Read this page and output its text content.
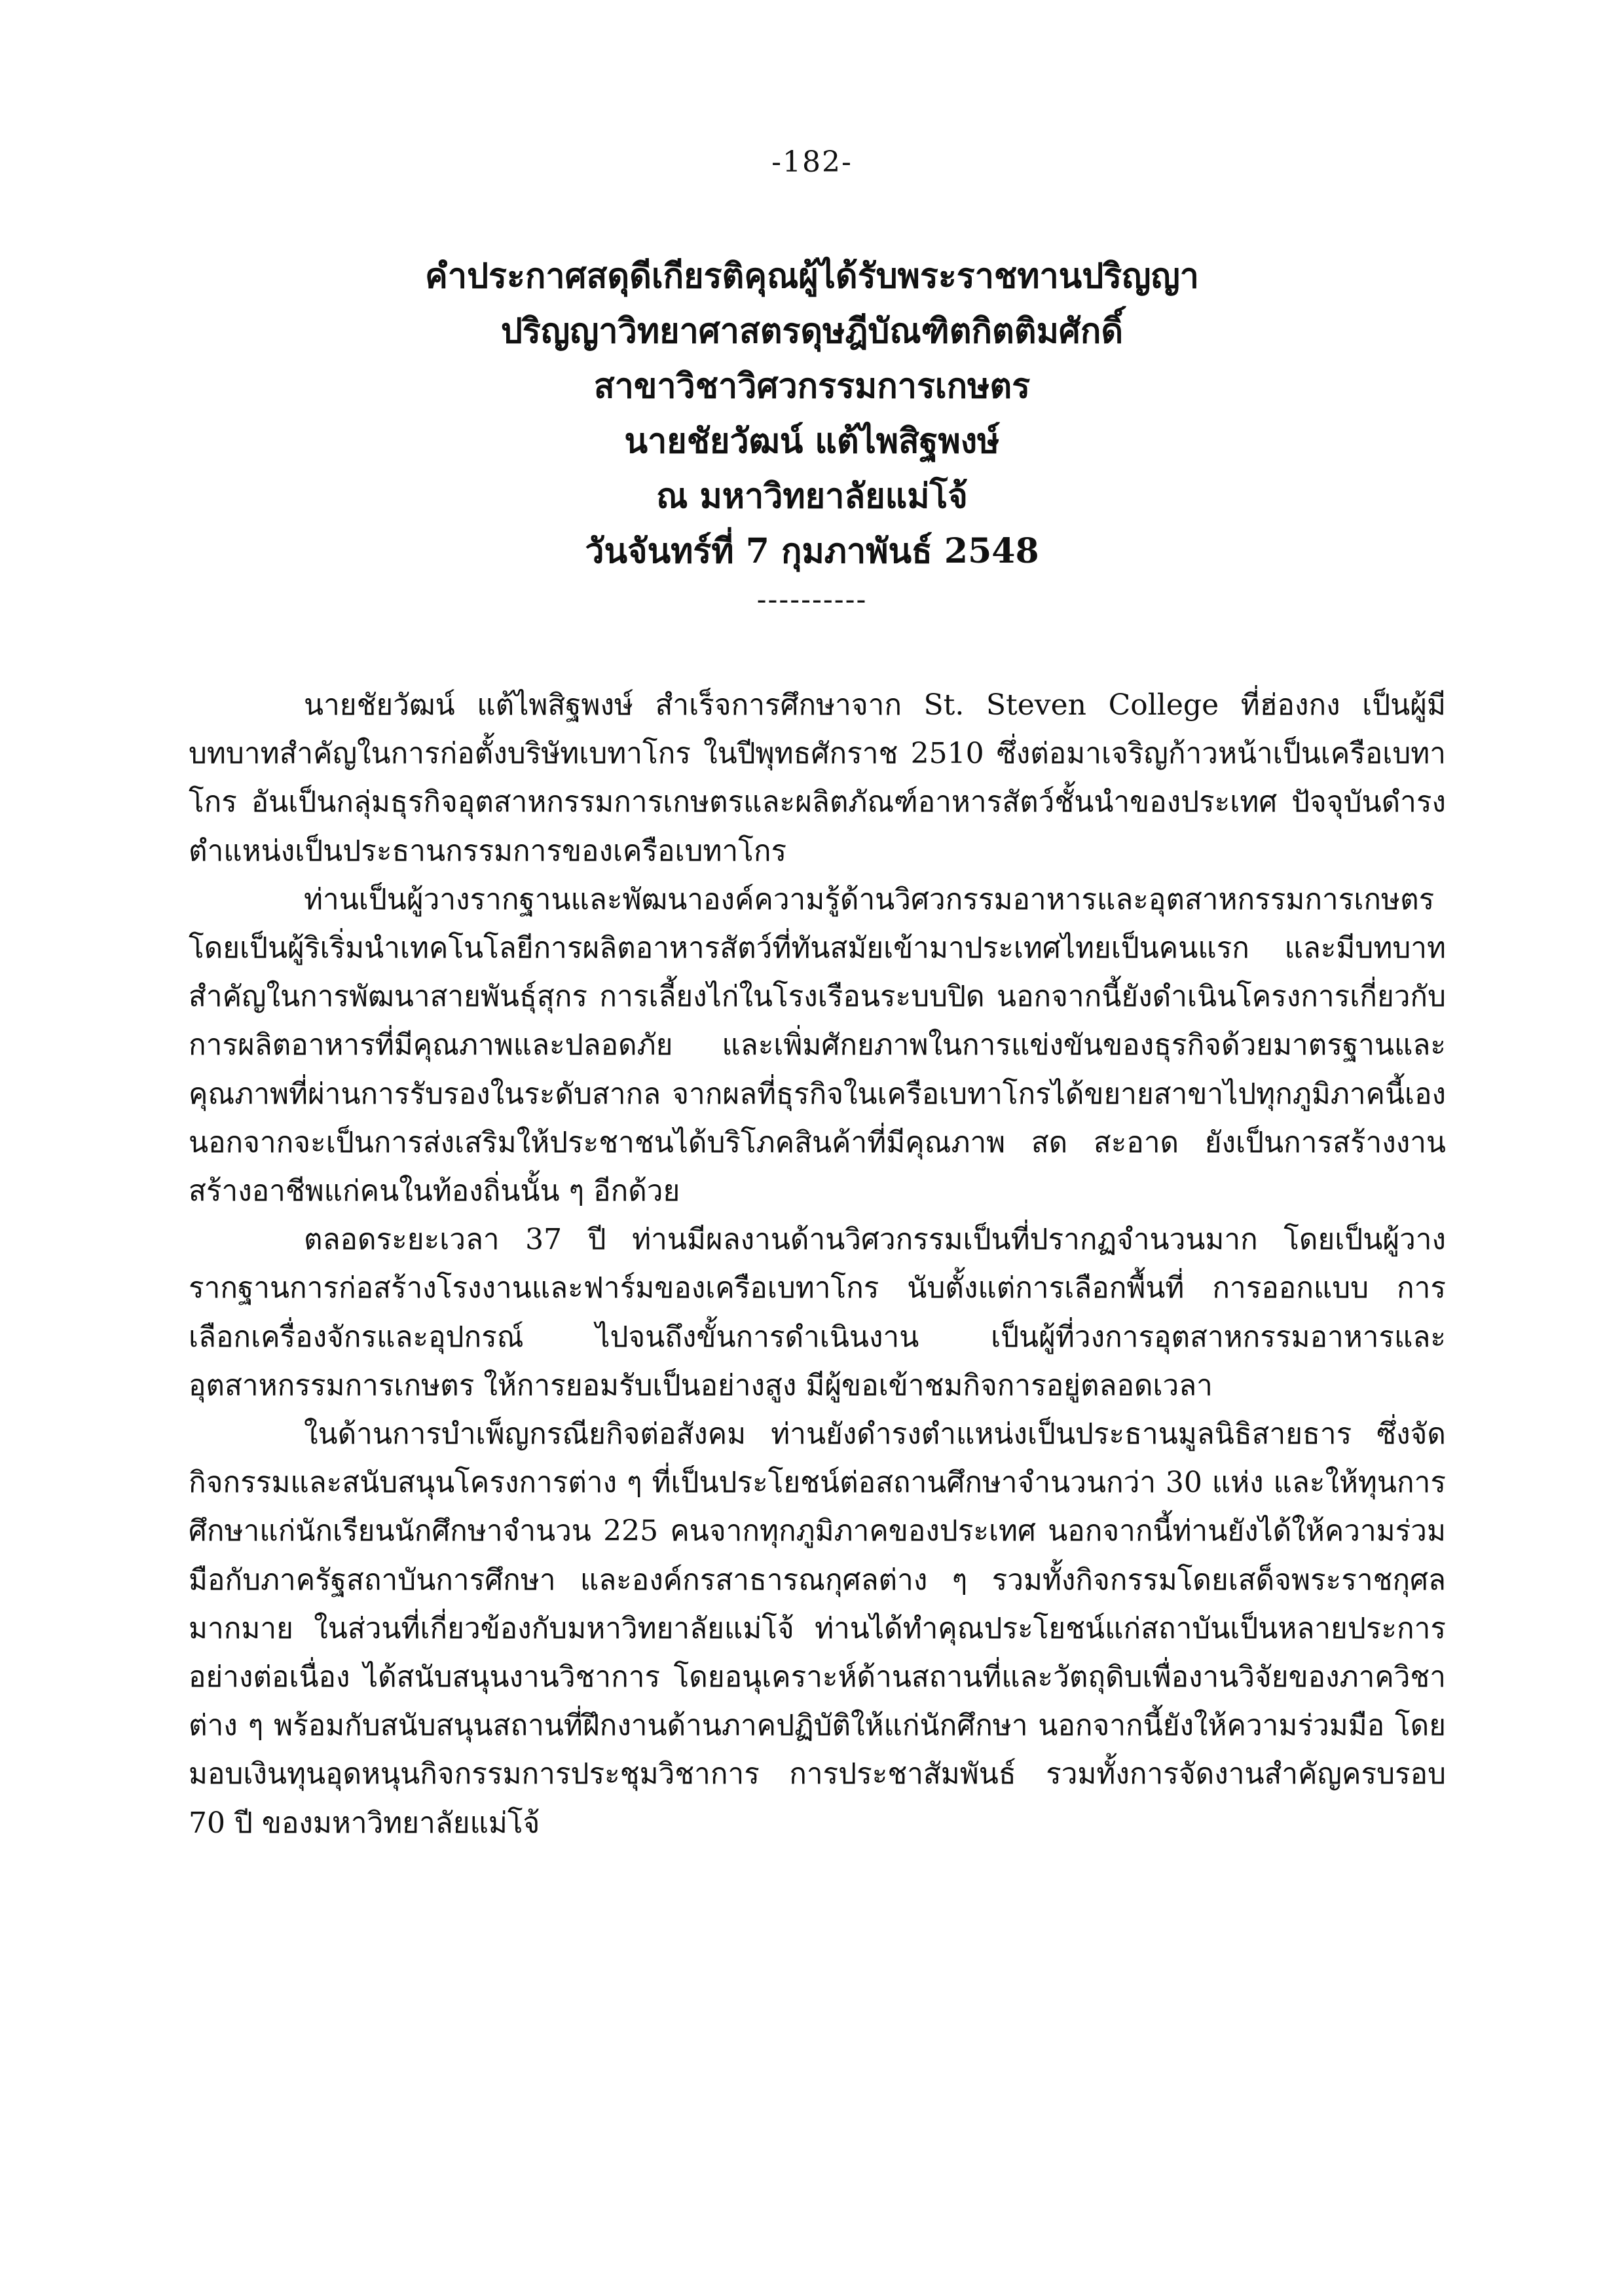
-182-
คำประกาศสดุดีเกียรติคุณผู้ได้รับพระราชทานปริญญา
ปริญญาวิทยาศาสตรดุษฎีบัณฑิตกิตติมศักดิ์
สาขาวิชาวิศวกรรมการเกษตร
นายชัยวัฒน์ แต้ไพสิฐพงษ์
ณ มหาวิทยาลัยแม่โจ้
วันจันทร์ที่ 7 กุมภาพันธ์ 2548
----------

นายชัยวัฒน์ แต้ไพสิฐพงษ์ สำเร็จการศึกษาจาก St. Steven College ที่ฮ่องกง เป็นผู้มีบทบาทสำคัญในการก่อตั้งบริษัทเบทาโกร ในปีพุทธศักราช 2510 ซึ่งต่อมาเจริญก้าวหน้าเป็นเครือเบทาโกร อันเป็นกลุ่มธุรกิจอุตสาหกรรมการเกษตรและผลิตภัณฑ์อาหารสัตว์ชั้นนำของประเทศ ปัจจุบันดำรงตำแหน่งเป็นประธานกรรมการของเครือเบทาโกร

ท่านเป็นผู้วางรากฐานและพัฒนาองค์ความรู้ด้านวิศวกรรมอาหารและอุตสาหกรรมการเกษตร โดยเป็นผู้ริเริ่มนำเทคโนโลยีการผลิตอาหารสัตว์ที่ทันสมัยเข้ามาประเทศไทยเป็นคนแรก และมีบทบาทสำคัญในการพัฒนาสายพันธุ์สุกร การเลี้ยงไก่ในโรงเรือนระบบปิด นอกจากนี้ยังดำเนินโครงการเกี่ยวกับการผลิตอาหารที่มีคุณภาพและปลอดภัย และเพิ่มศักยภาพในการแข่งขันของธุรกิจด้วยมาตรฐานและคุณภาพที่ผ่านการรับรองในระดับสากล จากผลที่ธุรกิจในเครือเบทาโกรได้ขยายสาขาไปทุกภูมิภาคนี้เอง นอกจากจะเป็นการส่งเสริมให้ประชาชนได้บริโภคสินค้าที่มีคุณภาพ สด สะอาด ยังเป็นการสร้างงานสร้างอาชีพแก่คนในท้องถิ่นนั้น ๆ อีกด้วย

ตลอดระยะเวลา 37 ปี ท่านมีผลงานด้านวิศวกรรมเป็นที่ปรากฏจำนวนมาก โดยเป็นผู้วางรากฐานการก่อสร้างโรงงานและฟาร์มของเครือเบทาโกร นับตั้งแต่การเลือกพื้นที่ การออกแบบ การเลือกเครื่องจักรและอุปกรณ์ ไปจนถึงขั้นการดำเนินงาน เป็นผู้ที่วงการอุตสาหกรรมอาหารและอุตสาหกรรมการเกษตร ให้การยอมรับเป็นอย่างสูง มีผู้ขอเข้าชมกิจการอยู่ตลอดเวลา

ในด้านการบำเพ็ญกรณียกิจต่อสังคม ท่านยังดำรงตำแหน่งเป็นประธานมูลนิธิสายธาร ซึ่งจัดกิจกรรมและสนับสนุนโครงการต่าง ๆ ที่เป็นประโยชน์ต่อสถานศึกษาจำนวนกว่า 30 แห่ง และให้ทุนการศึกษาแก่นักเรียนนักศึกษาจำนวน 225 คนจากทุกภูมิภาคของประเทศ นอกจากนี้ท่านยังได้ให้ความร่วมมือกับภาครัฐสถาบันการศึกษา และองค์กรสาธารณกุศลต่าง ๆ รวมทั้งกิจกรรมโดยเสด็จพระราชกุศลมากมาย ในส่วนที่เกี่ยวข้องกับมหาวิทยาลัยแม่โจ้ ท่านได้ทำคุณประโยชน์แก่สถาบันเป็นหลายประการอย่างต่อเนื่อง ได้สนับสนุนงานวิชาการ โดยอนุเคราะห์ด้านสถานที่และวัตถุดิบเพื่องานวิจัยของภาควิชาต่าง ๆ พร้อมกับสนับสนุนสถานที่ฝึกงานด้านภาคปฏิบัติให้แก่นักศึกษา นอกจากนี้ยังให้ความร่วมมือ โดยมอบเงินทุนอุดหนุนกิจกรรมการประชุมวิชาการ การประชาสัมพันธ์ รวมทั้งการจัดงานสำคัญครบรอบ 70 ปี ของมหาวิทยาลัยแม่โจ้
